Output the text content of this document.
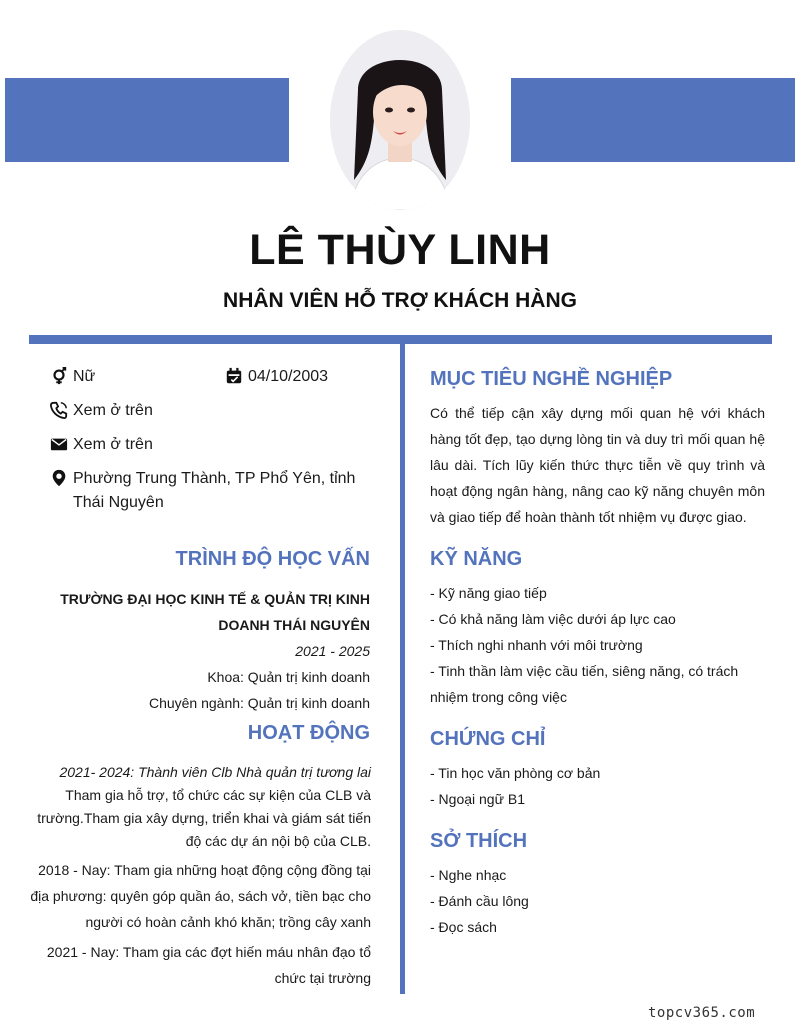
LÊ THÙY LINH
NHÂN VIÊN HỖ TRỢ KHÁCH HÀNG
Nữ	04/10/2003
Xem ở trên
Xem ở trên
Phường Trung Thành, TP Phổ Yên, tỉnh Thái Nguyên
TRÌNH ĐỘ HỌC VẤN
TRƯỜNG ĐẠI HỌC KINH TẾ & QUẢN TRỊ KINH DOANH THÁI NGUYÊN
2021 - 2025
Khoa: Quản trị kinh doanh
Chuyên ngành: Quản trị kinh doanh
HOẠT ĐỘNG

2021- 2024: Thành viên Clb Nhà quản trị tương lai

Tham gia hỗ trợ, tổ chức các sự kiện của CLB và trường.Tham gia xây dựng, triển khai và giám sát tiến độ các dự án nội bộ của CLB.

2018 - Nay: Tham gia những hoạt động cộng đồng tại địa phương: quyên góp quần áo, sách vở, tiền bạc cho người có hoàn cảnh khó khăn; trồng cây xanh

2021 - Nay: Tham gia các đợt hiến máu nhân đạo tổ chức tại trường

MỤC TIÊU NGHỀ NGHIỆP
Có thể tiếp cận xây dựng mối quan hệ với khách hàng tốt đẹp, tạo dựng lòng tin và duy trì mối quan hệ lâu dài. Tích lũy kiến thức thực tiễn về quy trình và hoạt động ngân hàng, nâng cao kỹ năng chuyên môn và giao tiếp để hoàn thành tốt nhiệm vụ được giao.
KỸ NĂNG
- Kỹ năng giao tiếp
- Có khả năng làm việc dưới áp lực cao
- Thích nghi nhanh với môi trường
- Tinh thần làm việc cầu tiến, siêng năng, có trách nhiệm trong công việc
CHỨNG CHỈ
- Tin học văn phòng cơ bản
- Ngoại ngữ B1
SỞ THÍCH
- Nghe nhạc
- Đánh cầu lông
- Đọc sách
topcv365.com
